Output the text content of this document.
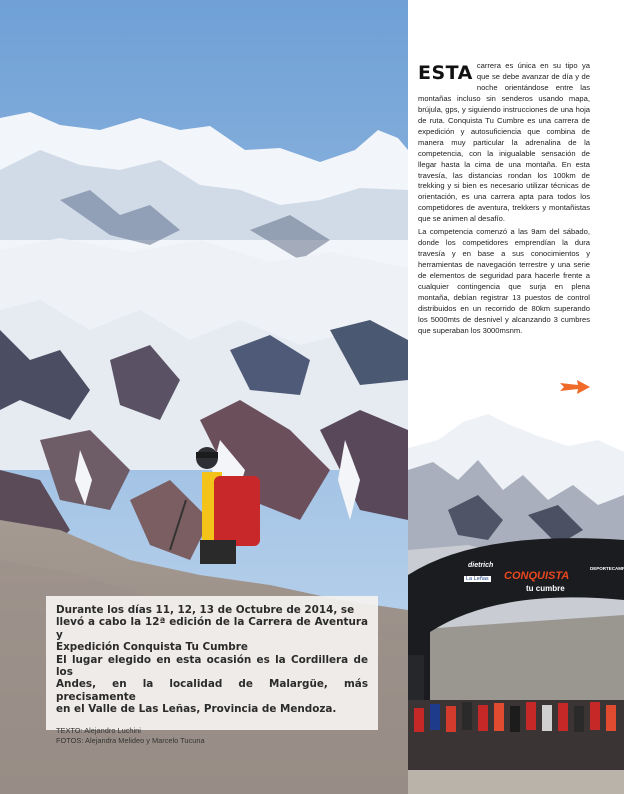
Durante los días 11, 12, 13 de Octubre de 2014, se
llevó a cabo la 12ª edición de la Carrera de Aventura y
Expedición Conquista Tu Cumbre
El lugar elegido en esta ocasión es la Cordillera de los
Andes, en la localidad de Malargüe, más precisamente
en el Valle de Las Leñas, Provincia de Mendoza.

TEXTO: Alejandro Luchini
FOTOS: Alejandra Melideo y Marcelo Tucuna
ESTA carrera es única en su tipo ya que se debe avanzar de día y de noche orientándose entre las montañas incluso sin senderos usando mapa, brújula, gps, y siguiendo instrucciones de una hoja de ruta. Conquista Tu Cumbre es una carrera de expedición y autosuficiencia que combina de manera muy particular la adrenalina de la competencia, con la inigualable sensación de llegar hasta la cima de una montaña. En esta travesía, las distancias rondan los 100km de trekking y si bien es necesario utilizar técnicas de orientación, es una carrera apta para todos los competidores de aventura, trekkers y montañistas que se animen al desafío.

La competencia comenzó a las 9am del sábado, donde los competidores emprendían la dura travesía y en base a sus conocimientos y herramientas de navegación terrestre y una serie de elementos de seguridad para hacerle frente a cualquier contingencia que surja en plena montaña, debían registrar 13 puestos de control distribuidos en un recorrido de 80km superando los 5000mts de desnivel y alcanzando 3 cumbres que superaban los 3000msnm.

dietrich
La Leñas CONQUISTA
tu cumbre
DEPORTECAMPING
